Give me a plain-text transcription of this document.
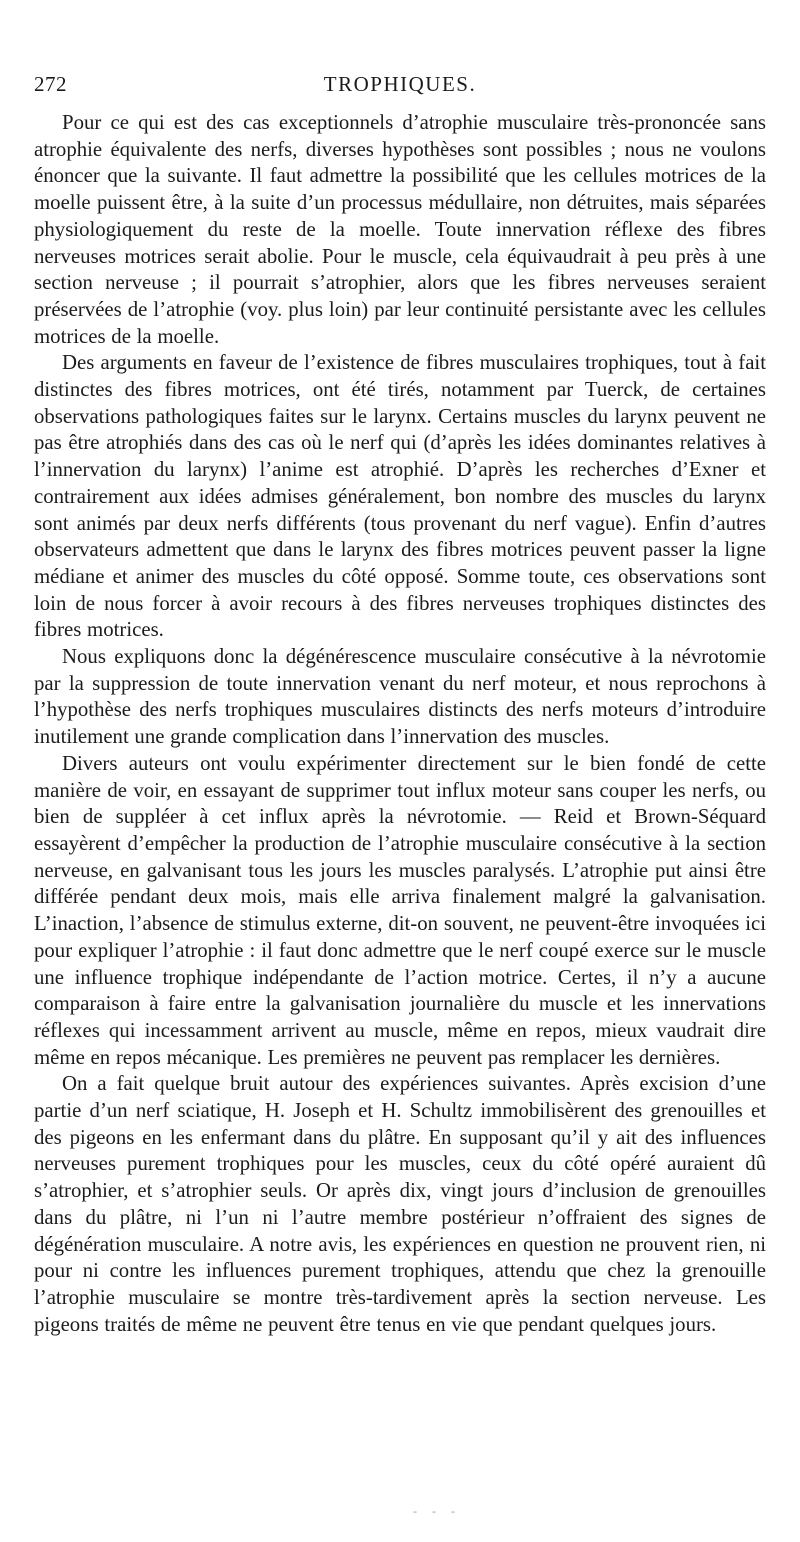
272	TROPHIQUES.

Pour ce qui est des cas exceptionnels d’atrophie musculaire très-prononcée sans atrophie équivalente des nerfs, diverses hypothèses sont possibles ; nous ne voulons énoncer que la suivante. Il faut admettre la possibilité que les cellules motrices de la moelle puissent être, à la suite d’un processus médullaire, non détruites, mais séparées physiologiquement du reste de la moelle. Toute innervation réflexe des fibres nerveuses motrices serait abolie. Pour le muscle, cela équivaudrait à peu près à une section nerveuse ; il pourrait s’atrophier, alors que les fibres nerveuses seraient préservées de l’atrophie (voy. plus loin) par leur continuité persistante avec les cellules motrices de la moelle.

Des arguments en faveur de l’existence de fibres musculaires trophiques, tout à fait distinctes des fibres motrices, ont été tirés, notamment par Tuerck, de certaines observations pathologiques faites sur le larynx. Certains muscles du larynx peuvent ne pas être atrophiés dans des cas où le nerf qui (d’après les idées dominantes relatives à l’innervation du larynx) l’anime est atrophié. D’après les recherches d’Exner et contrairement aux idées admises généralement, bon nombre des muscles du larynx sont animés par deux nerfs différents (tous provenant du nerf vague). Enfin d’autres observateurs admettent que dans le larynx des fibres motrices peuvent passer la ligne médiane et animer des muscles du côté opposé. Somme toute, ces observations sont loin de nous forcer à avoir recours à des fibres nerveuses trophiques distinctes des fibres motrices.

Nous expliquons donc la dégénérescence musculaire consécutive à la névrotomie par la suppression de toute innervation venant du nerf moteur, et nous reprochons à l’hypothèse des nerfs trophiques musculaires distincts des nerfs moteurs d’introduire inutilement une grande complication dans l’innervation des muscles.

Divers auteurs ont voulu expérimenter directement sur le bien fondé de cette manière de voir, en essayant de supprimer tout influx moteur sans couper les nerfs, ou bien de suppléer à cet influx après la névrotomie. — Reid et Brown-Séquard essayèrent d’empêcher la production de l’atrophie musculaire consécutive à la section nerveuse, en galvanisant tous les jours les muscles paralysés. L’atrophie put ainsi être différée pendant deux mois, mais elle arriva finalement malgré la galvanisation. L’inaction, l’absence de stimulus externe, dit-on souvent, ne peuvent-être invoquées ici pour expliquer l’atrophie : il faut donc admettre que le nerf coupé exerce sur le muscle une influence trophique indépendante de l’action motrice. Certes, il n’y a aucune comparaison à faire entre la galvanisation journalière du muscle et les innervations réflexes qui incessamment arrivent au muscle, même en repos, mieux vaudrait dire même en repos mécanique. Les premières ne peuvent pas remplacer les dernières.

On a fait quelque bruit autour des expériences suivantes. Après excision d’une partie d’un nerf sciatique, H. Joseph et H. Schultz immobilisèrent des grenouilles et des pigeons en les enfermant dans du plâtre. En supposant qu’il y ait des influences nerveuses purement trophiques pour les muscles, ceux du côté opéré auraient dû s’atrophier, et s’atrophier seuls. Or après dix, vingt jours d’inclusion de grenouilles dans du plâtre, ni l’un ni l’autre membre postérieur n’offraient des signes de dégénération musculaire. A notre avis, les expériences en question ne prouvent rien, ni pour ni contre les influences purement trophiques, attendu que chez la grenouille l’atrophie musculaire se montre très-tardivement après la section nerveuse. Les pigeons traités de même ne peuvent être tenus en vie que pendant quelques jours.

- - -
